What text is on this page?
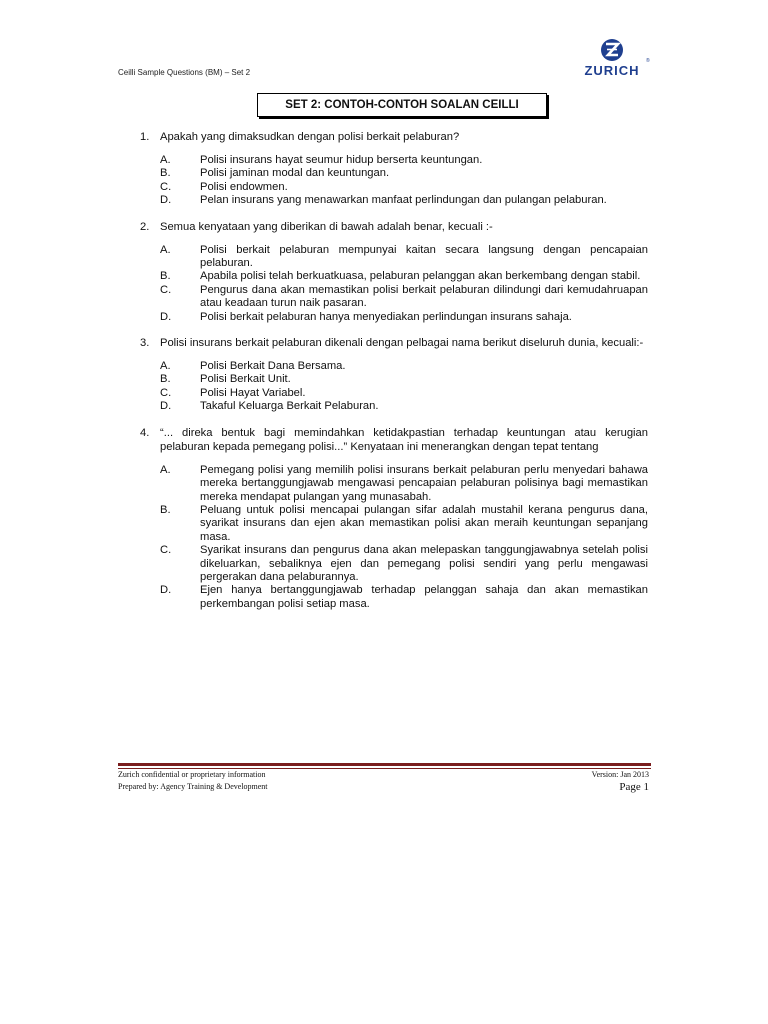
Ceilli Sample Questions (BM) – Set 2	ZURICH
®
SET 2: CONTOH-CONTOH SOALAN CEILLI
1. Apakah yang dimaksudkan dengan polisi berkait pelaburan?
A.	Polisi insurans hayat seumur hidup berserta keuntungan.
B.	Polisi jaminan modal dan keuntungan.
C.	Polisi endowmen.
D.	Pelan insurans yang menawarkan manfaat perlindungan dan pulangan pelaburan.
2. Semua kenyataan yang diberikan di bawah adalah benar, kecuali :-
A.	Polisi berkait pelaburan mempunyai kaitan secara langsung dengan pencapaian pelaburan.
B.	Apabila polisi telah berkuatkuasa, pelaburan pelanggan akan berkembang dengan stabil.
C.	Pengurus dana akan memastikan polisi berkait pelaburan dilindungi dari kemudahruapan atau keadaan turun naik pasaran.
D.	Polisi berkait pelaburan hanya menyediakan perlindungan insurans sahaja.
3. Polisi insurans berkait pelaburan dikenali dengan pelbagai nama berikut diseluruh dunia, kecuali:-
A.	Polisi Berkait Dana Bersama.
B.	Polisi Berkait Unit.
C.	Polisi Hayat Variabel.
D.	Takaful Keluarga Berkait Pelaburan.
4. “... direka bentuk bagi memindahkan ketidakpastian terhadap keuntungan atau kerugian pelaburan kepada pemegang polisi...” Kenyataan ini menerangkan dengan tepat tentang
A.	Pemegang polisi yang memilih polisi insurans berkait pelaburan perlu menyedari bahawa mereka bertanggungjawab mengawasi pencapaian pelaburan polisinya bagi memastikan mereka mendapat pulangan yang munasabah.
B.	Peluang untuk polisi mencapai pulangan sifar adalah mustahil kerana pengurus dana, syarikat insurans dan ejen akan memastikan polisi akan meraih keuntungan sepanjang masa.
C.	Syarikat insurans dan pengurus dana akan melepaskan tanggungjawabnya setelah polisi dikeluarkan, sebaliknya ejen dan pemegang polisi sendiri yang perlu mengawasi pergerakan dana pelaburannya.
D.	Ejen hanya bertanggungjawab terhadap pelanggan sahaja dan akan memastikan perkembangan polisi setiap masa.
Zurich confidential or proprietary information	Version: Jan 2013
Prepared by: Agency Training & Development	Page 1
